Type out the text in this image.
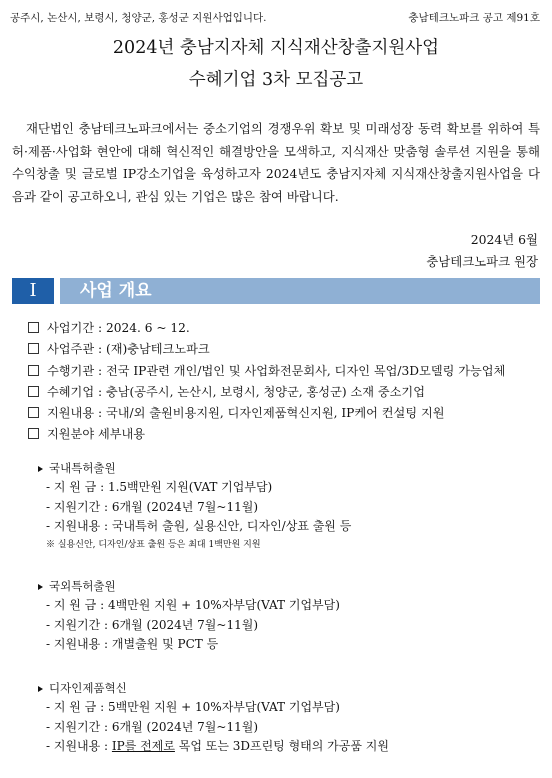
공주시, 논산시, 보령시, 청양군, 홍성군 지원사업입니다.	충남테크노파크 공고 제91호
2024년 충남지자체 지식재산창출지원사업
수혜기업 3차 모집공고

재단법인 충남테크노파크에서는 중소기업의 경쟁우위 확보 및 미래성장 동력 확보를 위하여 특허·제품·사업화 현안에 대해 혁신적인 해결방안을 모색하고, 지식재산 맞춤형 솔루션 지원을 통해 수익창출 및 글로벌 IP강소기업을 육성하고자 2024년도 충남지자체 지식재산창출지원사업을 다음과 같이 공고하오니, 관심 있는 기업은 많은 참여 바랍니다.

2024년 6월
충남테크노파크 원장
Ⅰ	사업 개요
사업기간 : 2024. 6 ~ 12.
사업주관 : (재)충남테크노파크
수행기관 : 전국 IP관련 개인/법인 및 사업화전문회사, 디자인 목업/3D모델링 가능업체
수혜기업 : 충남(공주시, 논산시, 보령시, 청양군, 홍성군) 소재 중소기업
지원내용 : 국내/외 출원비용지원, 디자인제품혁신지원, IP케어 컨설팅 지원
지원분야 세부내용
국내특허출원
- 지 원 금 : 1.5백만원 지원(VAT 기업부담)
- 지원기간 : 6개월 (2024년 7월~11월)
- 지원내용 : 국내특허 출원, 실용신안, 디자인/상표 출원 등
※ 실용신안, 디자인/상표 출원 등은 최대 1백만원 지원
국외특허출원
- 지 원 금 : 4백만원 지원 + 10%자부담(VAT 기업부담)
- 지원기간 : 6개월 (2024년 7월~11월)
- 지원내용 : 개별출원 및 PCT 등
디자인제품혁신
- 지 원 금 : 5백만원 지원 + 10%자부담(VAT 기업부담)
- 지원기간 : 6개월 (2024년 7월~11월)
- 지원내용 : IP를 전제로 목업 또는 3D프린팅 형태의 가공품 지원
